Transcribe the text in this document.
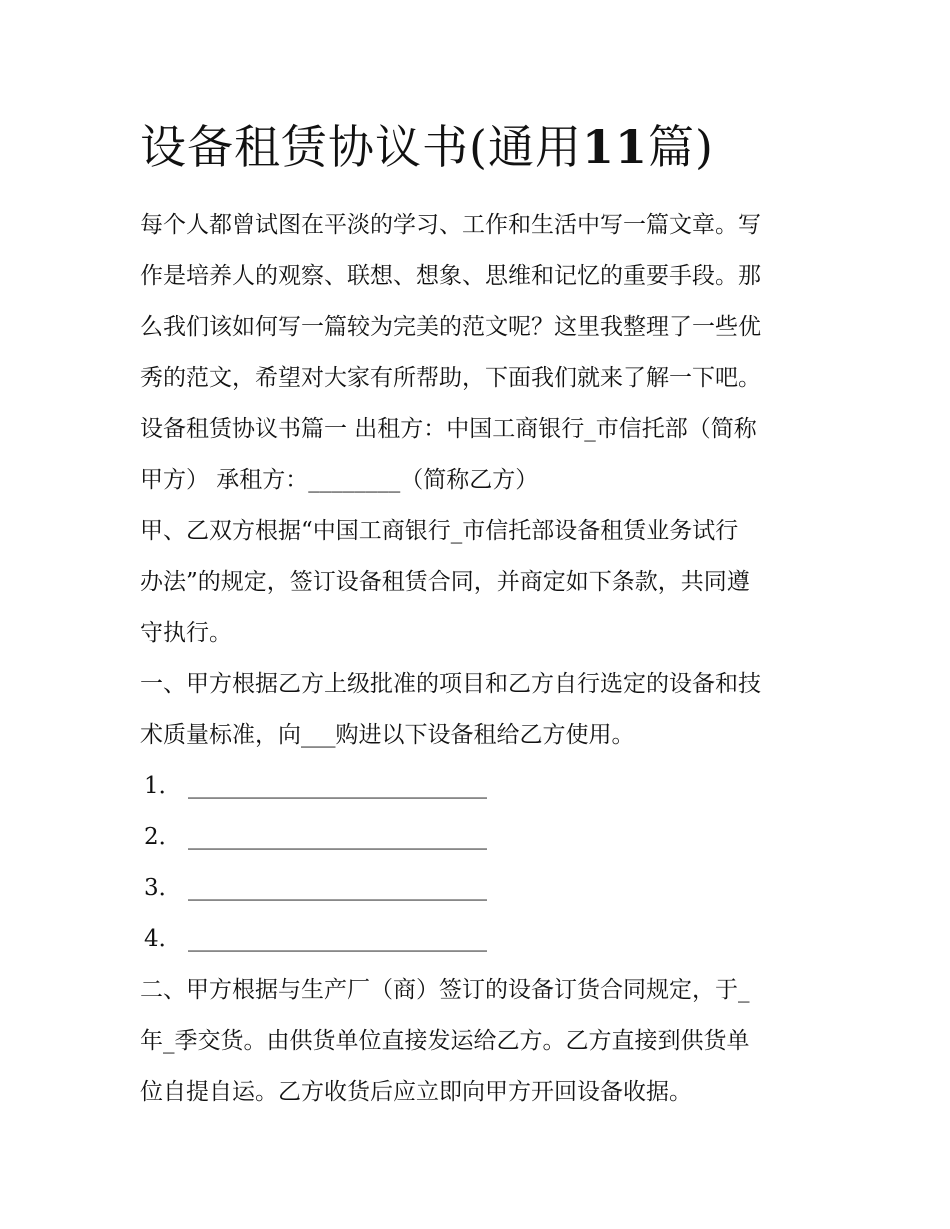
设备租赁协议书(通用11篇)

每个人都曾试图在平淡的学习、工作和生活中写一篇文章。写

作是培养人的观察、联想、想象、思维和记忆的重要手段。那

么我们该如何写一篇较为完美的范文呢？这里我整理了一些优

秀的范文，希望对大家有所帮助，下面我们就来了解一下吧。

设备租赁协议书篇一 出租方：中国工商银行_市信托部（简称

甲方） 承租方：________（简称乙方）

甲、乙双方根据“中国工商银行_市信托部设备租赁业务试行

办法”的规定，签订设备租赁合同，并商定如下条款，共同遵

守执行。

一、甲方根据乙方上级批准的项目和乙方自行选定的设备和技

术质量标准，向___购进以下设备租给乙方使用。

1． __________________________

2． __________________________

3． __________________________

4． __________________________

二、甲方根据与生产厂（商）签订的设备订货合同规定，于_

年_季交货。由供货单位直接发运给乙方。乙方直接到供货单

位自提自运。乙方收货后应立即向甲方开回设备收据。
